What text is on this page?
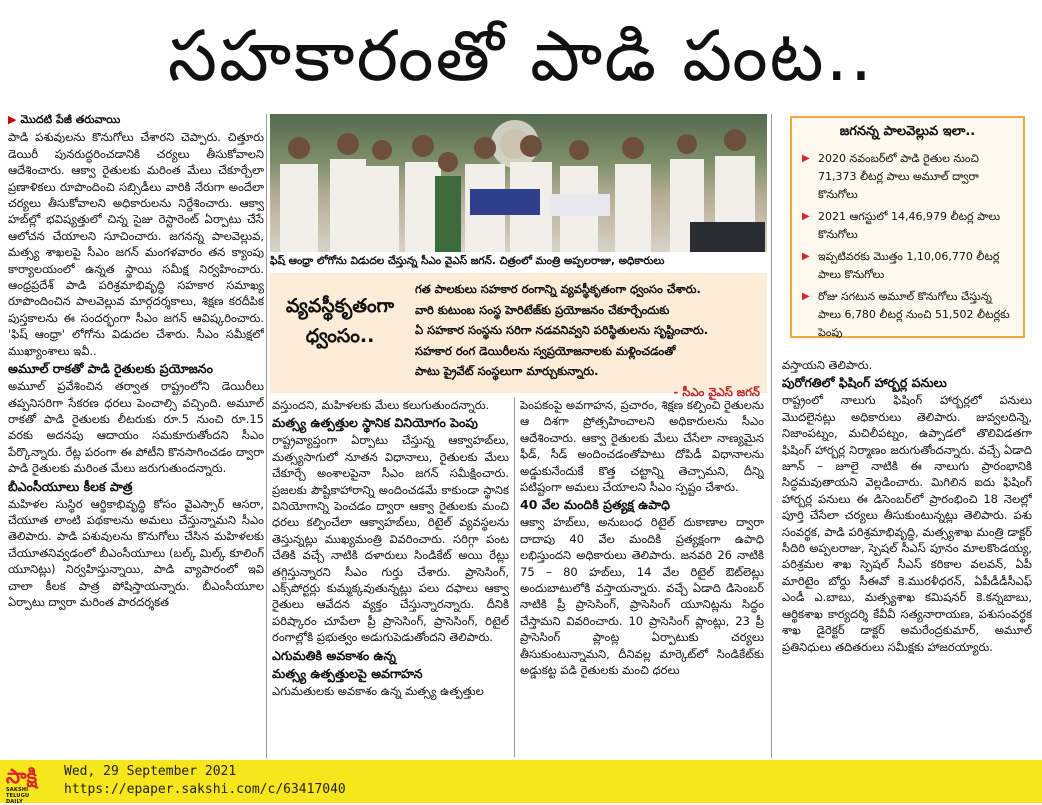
సహకారంతో పాడి పంట..
▶ మొదటి పేజీ తరువాయి

పాడి పశువులను కొనుగోలు చేశారని చెప్పారు. చిత్తూరు డెయిరీ పునరుద్ధరించడానికి చర్యలు తీసుకోవాలని ఆదేశించారు. ఆక్వా రైతులకు మరింత మేలు చేకూర్చేలా ప్రణాళికలు రూపొందించి సబ్సిడీలు వారికి నేరుగా అందేలా చర్యలు తీసుకోవాలని అధికారులను నిర్దేశించారు. ఆక్వా హబ్‌ల్లో భవిష్యత్తులో చిన్న సైజు రెస్టారెంట్ ఏర్పాటు చేసే ఆలోచన చేయాలని సూచించారు. జగనన్న పాలవెల్లువ, మత్స్య శాఖలపై సీఎం జగన్ మంగళవారం తన క్యాంపు కార్యాలయంలో ఉన్నత స్థాయి సమీక్ష నిర్వహించారు. ఆంధ్రప్రదేశ్ పాడి పరిశ్రమాభివృద్ధి సహకార సమాఖ్య రూపొందించిన పాలవెల్లువ మార్గదర్శకాలు, శిక్షణ కరదీపిక పుస్తకాలను ఈ సందర్భంగా సీఎం జగన్ ఆవిష్కరించారు. 'ఫిష్ ఆంధ్రా' లోగోను విడుదల చేశారు. సీఎం సమీక్షలో ముఖ్యాంశాలు ఇవీ..

అమూల్ రాకతో పాడి రైతులకు ప్రయోజనం

అమూల్ ప్రవేశించిన తర్వాత రాష్ట్రంలోని డెయిరీలు తప్పనిసరిగా సేకరణ ధరలు పెంచాల్సి వచ్చింది. అమూల్ రాకతో పాడి రైతులకు లీటరుకు రూ.5 నుంచి రూ.15 వరకు అదనపు ఆదాయం సమకూరుతోందని సీఎం పేర్కొన్నారు. రేట్ల పరంగా ఈ పోటీని కొనసాగించడం ద్వారా పాడి రైతులకు మరింత మేలు జరుగుతుందన్నారు.

బీఎంసీయూలు కీలక పాత్ర

మహిళల సుస్థిర ఆర్థికాభివృద్ధి కోసం వైఎస్సార్ ఆసరా, చేయూత లాంటి పథకాలను అమలు చేస్తున్నామని సీఎం తెలిపారు. పాడి పశువులను కొనుగోలు చేసిన మహిళలకు చేయూతనివ్వడంలో బీఎంసీయూలు (బల్క్ మిల్క్ కూలింగ్ యూనిట్లు) నిర్వహిస్తున్నాయి, పాడి వ్యాపారంలో ఇవి చాలా కీలక పాత్ర పోషిస్తాయన్నారు. బీఎంసీయూల ఏర్పాటు ద్వారా మరింత పారదర్శకత

ఫిష్ ఆంధ్రా లోగోను విడుదల చేస్తున్న సీఎం వైఎస్ జగన్. చిత్రంలో మంత్రి అప్పలరాజు, అధికారులు
వ్యవస్థీకృతంగా
ధ్వంసం..
గత పాలకులు సహకార రంగాన్ని వ్యవస్థీకృతంగా ధ్వంసం చేశారు.
వారి కుటుంబ సంస్థ హెరిటేజ్‌కు ప్రయోజనం చేకూర్చేందుకు
ఏ సహకార సంస్థను సరిగా నడవనివ్వని పరిస్థితులను సృష్టించారు.
సహకార రంగ డెయిరీలను స్వప్రయోజనాలకు మళ్లించడంతో
పాటు ప్రైవేట్ సంస్థలుగా మార్చుకున్నారు.
- సీఎం వైఎస్ జగన్
జగనన్న పాలవెల్లువ ఇలా..
▶ 2020 నవంబర్‌లో పాడి రైతుల నుంచి 71,373 లీటర్ల పాలు అమూల్ ద్వారా కొనుగోలు
▶ 2021 ఆగస్టులో 14,46,979 లీటర్ల పాలు కొనుగోలు
▶ ఇప్పటివరకు మొత్తం 1,10,06,770 లీటర్ల పాలు కొనుగోలు
▶ రోజు సగటున అమూల్ కొనుగోలు చేస్తున్న పాలు 6,780 లీటర్ల నుంచి 51,502 లీటర్లకు పెంపు

వస్తుందని, మహిళలకు మేలు కలుగుతుందన్నారు.

మత్స్య ఉత్పత్తుల స్థానిక వినియోగం పెంపు

రాష్ట్రవ్యాప్తంగా ఏర్పాటు చేస్తున్న ఆక్వాహబ్‌లు, మత్స్యసాగులో నూతన విధానాలు, రైతులకు మేలు చేకూర్చే అంశాలపైనా సీఎం జగన్ సమీక్షించారు. ప్రజలకు పౌష్టికాహారాన్ని అందించడమే కాకుండా స్థానిక వినియోగాన్ని పెంచడం ద్వారా ఆక్వా రైతులకు మంచి ధరలు కల్పించేలా ఆక్వాహబ్‌లు, రిటైల్ వ్యవస్థలను తెస్తున్నట్లు ముఖ్యమంత్రి వివరించారు. సరిగ్గా పంట చేతికి వచ్చే నాటికి దళారులు సిండికేట్ అయి రేట్లు తగ్గిస్తున్నారని సీఎం గుర్తు చేశారు. ప్రాసెసింగ్, ఎక్స్‌పోర్టర్లు కుమ్మక్కవుతున్నట్లు పలు దఫాలు ఆక్వా రైతులు ఆవేదన వ్యక్తం చేస్తున్నారన్నారు. దీనికి పరిష్కారం చూపేలా ప్రీ ప్రాసెసింగ్, ప్రాసెసింగ్, రిటైల్ రంగాల్లోకి ప్రభుత్వం అడుగుపెడుతోందని తెలిపారు.

ఎగుమతికి అవకాశం ఉన్న
మత్స్య ఉత్పత్తులపై అవగాహన

ఎగుమతులకు అవకాశం ఉన్న మత్స్య ఉత్పత్తుల

పెంపకంపై అవగాహన, ప్రచారం, శిక్షణ కల్పించి రైతులను ఆ దిశగా ప్రోత్సహించాలని అధికారులను సీఎం ఆదేశించారు. ఆక్వా రైతులకు మేలు చేసేలా నాణ్యమైన ఫీడ్, సీడ్ అందించడంతోపాటు దోపిడీ విధానాలను అడ్డుకునేందుకే కొత్త చట్టాన్ని తెచ్చామని, దీన్ని పటిష్టంగా అమలు చేయాలని సీఎం స్పష్టం చేశారు.

40 వేల మందికి ప్రత్యక్ష ఉపాధి

ఆక్వా హబ్‌లు, అనుబంధ రిటైల్ దుకాణాల ద్వారా దాదాపు 40 వేల మందికి ప్రత్యక్షంగా ఉపాధి లభిస్తుందని అధికారులు తెలిపారు. జనవరి 26 నాటికి 75 – 80 హబ్‌లు, 14 వేల రిటైల్ ఔట్‌లెట్లు అందుబాటులోకి వస్తాయన్నారు. వచ్చే ఏడాది డిసెంబర్ నాటికి ప్రీ ప్రాసెసింగ్, ప్రాసెసింగ్ యూనిట్లను సిద్ధం చేస్తామని వివరించారు. 10 ప్రాసెసింగ్ ప్లాంట్లు, 23 ప్రీ ప్రాసెసింగ్ ప్లాంట్ల ఏర్పాటుకు చర్యలు తీసుకుంటున్నామని, దీనివల్ల మార్కెట్‌లో సిండికేట్‌కు అడ్డుకట్ట పడి రైతులకు మంచి ధరలు

వస్తాయని తెలిపారు.

పురోగతిలో ఫిషింగ్ హార్బర్ల పనులు

రాష్ట్రంలో నాలుగు ఫిషింగ్ హార్బర్లలో పనులు మొదలైనట్లు అధికారులు తెలిపారు. జువ్వలదిన్నె, నిజాంపట్నం, మచిలీపట్నం, ఉప్పాడలో తొలివిడతగా ఫిషింగ్ హార్బర్ల నిర్మాణం జరుగుతోందన్నారు. వచ్చే ఏడాది జూన్ – జూలై నాటికి ఈ నాలుగు ప్రారంభానికి సిద్ధమవుతాయని వెల్లడించారు. మిగిలిన ఐదు ఫిషింగ్ హార్బర్ల పనులు ఈ డిసెంబర్‌లో ప్రారంభించి 18 నెలల్లో పూర్తి చేసేలా చర్యలు తీసుకుంటున్నట్లు తెలిపారు. పశు సంవర్థక, పాడి పరిశ్రమాభివృద్ధి, మత్స్యశాఖ మంత్రి డాక్టర్ సీదిరి అప్పలరాజు, స్పెషల్ సీఎస్ పూనం మాలకొండయ్య, పరిశ్రమల శాఖ స్పెషల్ సీఎస్ కరికాల వలవన్, ఏపీ మారిటైం బోర్డు సీఈవో కె.మురళీధరన్, ఏపీడీడీసీఎఫ్ ఎండీ ఎ.బాబు, మత్స్యశాఖ కమిషనర్ కె.కన్నబాబు, ఆర్థికశాఖ కార్యదర్శి కేవీవీ సత్యనారాయణ, పశుసంవర్థక శాఖ డైరెక్టర్ డాక్టర్ అమరేంద్రకుమార్, అమూల్ ప్రతినిధులు తదితరులు సమీక్షకు హాజరయ్యారు.

సాక్షి
SAKSHI TELUGU DAILY
Wed, 29 September 2021
https://epaper.sakshi.com/c/63417040
